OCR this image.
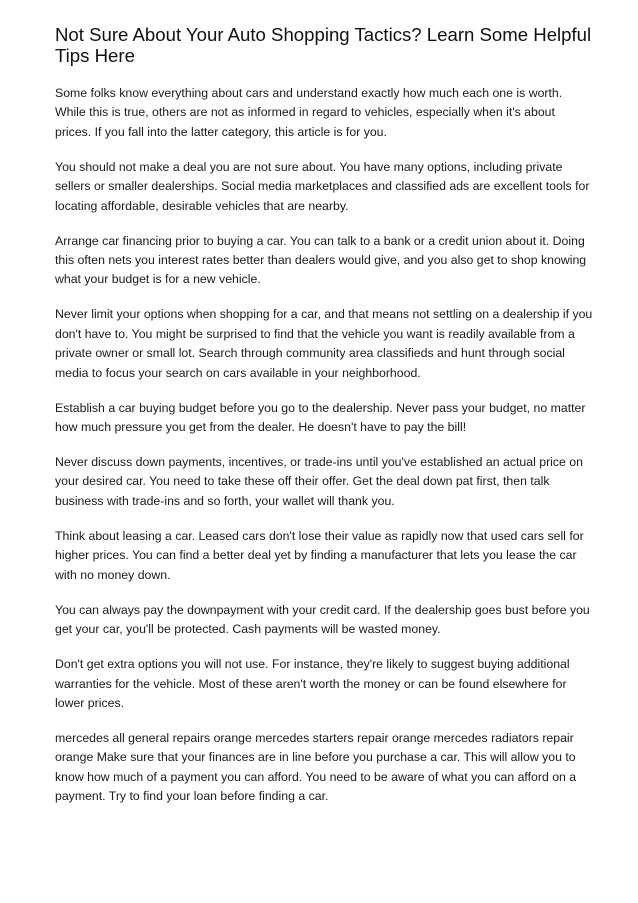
Not Sure About Your Auto Shopping Tactics? Learn Some Helpful Tips Here

Some folks know everything about cars and understand exactly how much each one is worth. While this is true, others are not as informed in regard to vehicles, especially when it's about prices. If you fall into the latter category, this article is for you.

You should not make a deal you are not sure about. You have many options, including private sellers or smaller dealerships. Social media marketplaces and classified ads are excellent tools for locating affordable, desirable vehicles that are nearby.

Arrange car financing prior to buying a car. You can talk to a bank or a credit union about it. Doing this often nets you interest rates better than dealers would give, and you also get to shop knowing what your budget is for a new vehicle.

Never limit your options when shopping for a car, and that means not settling on a dealership if you don't have to. You might be surprised to find that the vehicle you want is readily available from a private owner or small lot. Search through community area classifieds and hunt through social media to focus your search on cars available in your neighborhood.

Establish a car buying budget before you go to the dealership. Never pass your budget, no matter how much pressure you get from the dealer. He doesn't have to pay the bill!

Never discuss down payments, incentives, or trade-ins until you've established an actual price on your desired car. You need to take these off their offer. Get the deal down pat first, then talk business with trade-ins and so forth, your wallet will thank you.

Think about leasing a car. Leased cars don't lose their value as rapidly now that used cars sell for higher prices. You can find a better deal yet by finding a manufacturer that lets you lease the car with no money down.

You can always pay the downpayment with your credit card. If the dealership goes bust before you get your car, you'll be protected. Cash payments will be wasted money.

Don't get extra options you will not use. For instance, they're likely to suggest buying additional warranties for the vehicle. Most of these aren't worth the money or can be found elsewhere for lower prices.

mercedes all general repairs orange mercedes starters repair orange mercedes radiators repair orange Make sure that your finances are in line before you purchase a car. This will allow you to know how much of a payment you can afford. You need to be aware of what you can afford on a payment. Try to find your loan before finding a car.
